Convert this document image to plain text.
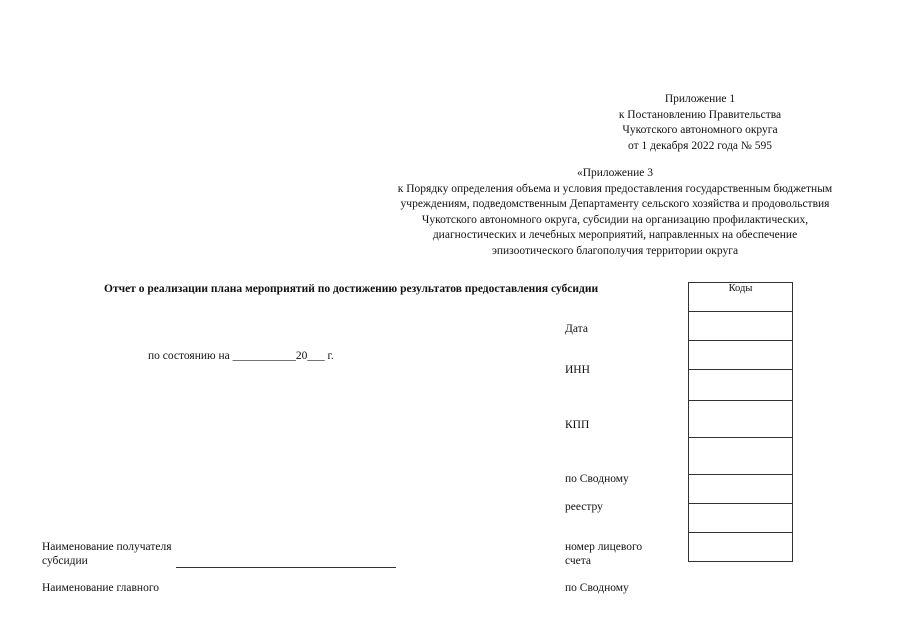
Приложение 1
к Постановлению Правительства
Чукотского автономного округа
от 1 декабря 2022 года № 595
«Приложение 3
к Порядку определения объема и условия предоставления государственным бюджетным
учреждениям, подведомственным Департаменту сельского хозяйства и продовольствия
Чукотского автономного округа, субсидии на организацию профилактических,
диагностических и лечебных мероприятий, направленных на обеспечение
эпизоотического благополучия территории округа
Отчет о реализации плана мероприятий по достижению результатов предоставления субсидии
по состоянию на ___________20___ г.
Коды

Дата
ИНН
КПП
по Сводному
реестру
номер лицевого
счета
по Сводному
Наименование получателя
субсидии
Наименование главного
